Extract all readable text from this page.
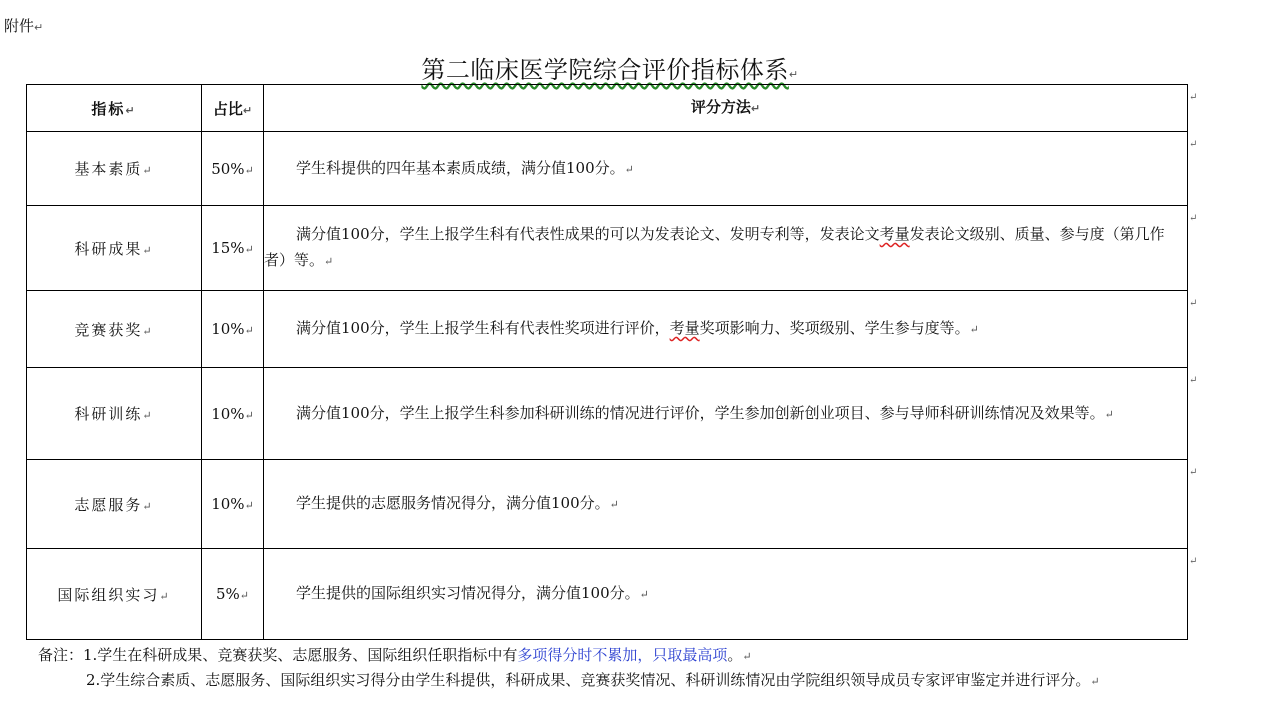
附件↵
第二临床医学院综合评价指标体系↵
指标↵	占比↵	评分方法↵
基本素质↵	50%↵	学生科提供的四年基本素质成绩，满分值100分。↵
科研成果↵	15%↵	满分值100分，学生上报学生科有代表性成果的可以为发表论文、发明专利等，发表论文考量发表论文级别、质量、参与度（第几作者）等。↵
竞赛获奖↵	10%↵	满分值100分，学生上报学生科有代表性奖项进行评价，考量奖项影响力、奖项级别、学生参与度等。↵
科研训练↵	10%↵	满分值100分，学生上报学生科参加科研训练的情况进行评价，学生参加创新创业项目、参与导师科研训练情况及效果等。↵
志愿服务↵	10%↵	学生提供的志愿服务情况得分，满分值100分。↵
国际组织实习↵	5%↵	学生提供的国际组织实习情况得分，满分值100分。↵
↵
↵
↵
↵
↵
↵
↵
备注：1.学生在科研成果、竞赛获奖、志愿服务、国际组织任职指标中有多项得分时不累加，只取最高项。↵
2.学生综合素质、志愿服务、国际组织实习得分由学生科提供，科研成果、竞赛获奖情况、科研训练情况由学院组织领导成员专家评审鉴定并进行评分。↵
